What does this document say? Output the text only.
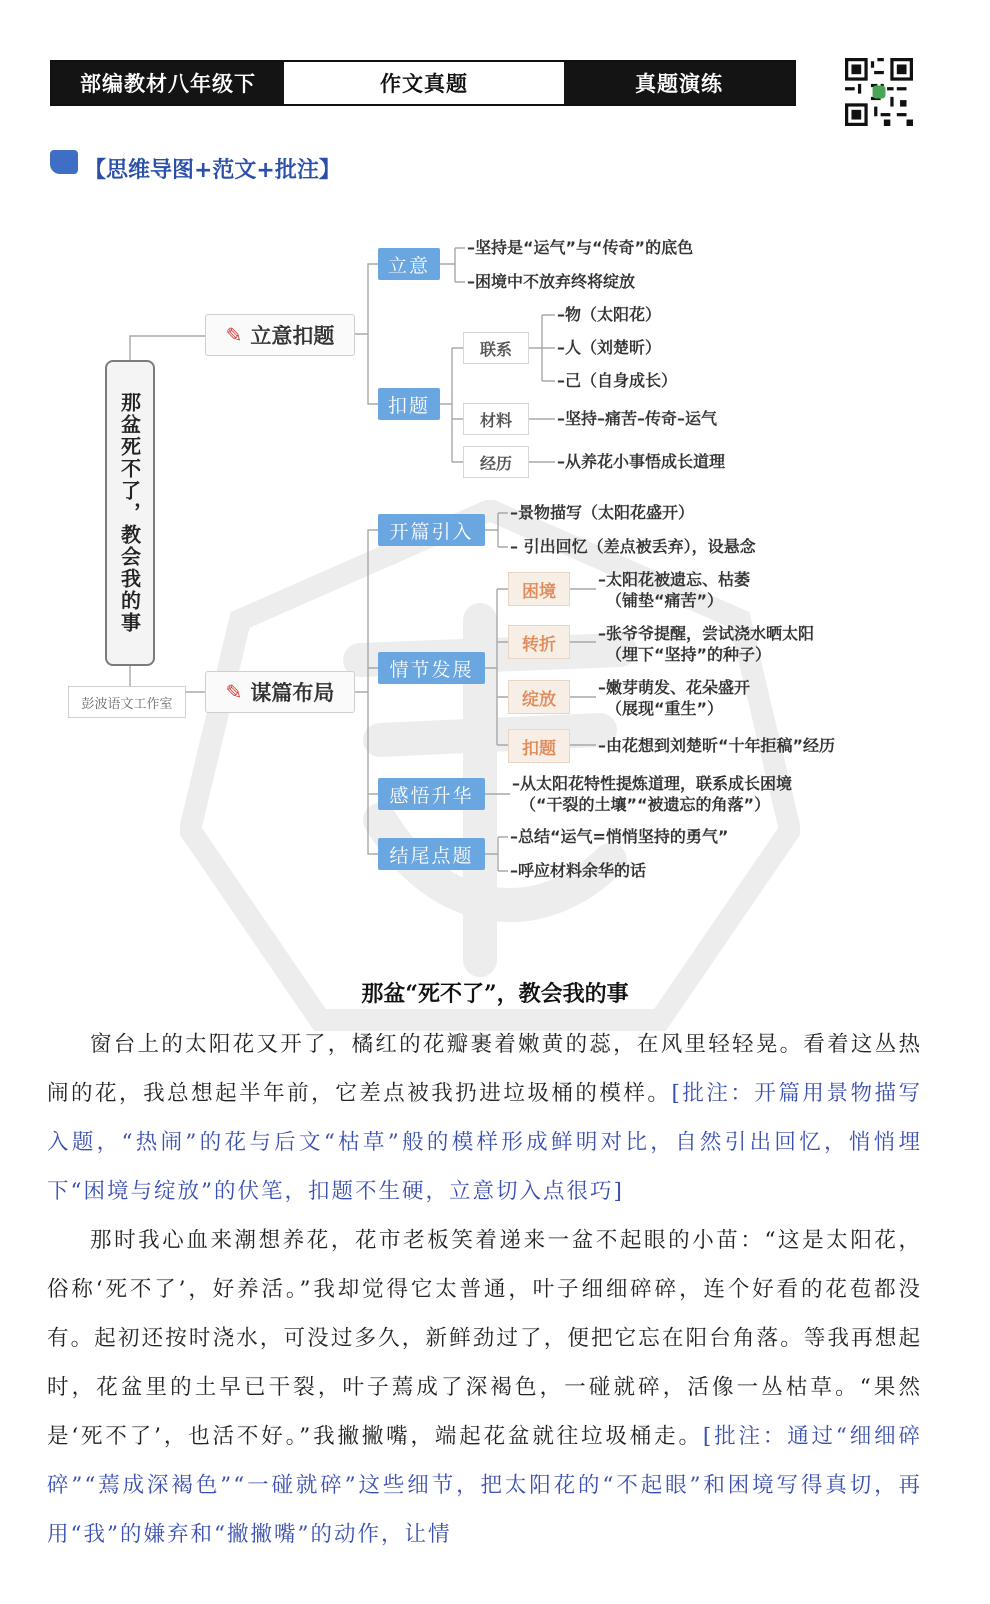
部编教材八年级下	作文真题	真题演练
【思维导图+范文+批注】
那盆死不了，教会我的事
彭波语文工作室
✎ 立意扣题
✎ 谋篇布局
立意
–坚持是“运气”与“传奇”的底色
–困境中不放弃终将绽放
扣题
联系
–物（太阳花）
–人（刘楚昕）
–己（自身成长）
材料	–坚持–痛苦–传奇–运气
经历	–从养花小事悟成长道理
开篇引入
–景物描写（太阳花盛开）
– 引出回忆（差点被丢弃），设悬念
情节发展
困境
–太阳花被遗忘、枯萎
（铺垫“痛苦”）
转折
–张爷爷提醒，尝试浇水晒太阳
（埋下“坚持”的种子）
绽放
–嫩芽萌发、花朵盛开
（展现“重生”）
扣题	–由花想到刘楚昕“十年拒稿”经历
感悟升华
–从太阳花特性提炼道理，联系成长困境
（“干裂的土壤”“被遗忘的角落”）
结尾点题
–总结“运气=悄悄坚持的勇气”
–呼应材料余华的话
那盆“死不了”，教会我的事

窗台上的太阳花又开了，橘红的花瓣裹着嫩黄的蕊，在风里轻轻晃。看着这丛热闹的花，我总想起半年前，它差点被我扔进垃圾桶的模样。[批注：开篇用景物描写入题，“热闹”的花与后文“枯草”般的模样形成鲜明对比，自然引出回忆，悄悄埋下“困境与绽放”的伏笔，扣题不生硬，立意切入点很巧]

那时我心血来潮想养花，花市老板笑着递来一盆不起眼的小苗：“这是太阳花，俗称‘死不了’，好养活。”我却觉得它太普通，叶子细细碎碎，连个好看的花苞都没有。起初还按时浇水，可没过多久，新鲜劲过了，便把它忘在阳台角落。等我再想起时，花盆里的土早已干裂，叶子蔫成了深褐色，一碰就碎，活像一丛枯草。“果然是‘死不了’，也活不好。”我撇撇嘴，端起花盆就往垃圾桶走。[批注：通过“细细碎碎”“蔫成深褐色”“一碰就碎”这些细节，把太阳花的“不起眼”和困境写得真切，再用“我”的嫌弃和“撇撇嘴”的动作，让情
